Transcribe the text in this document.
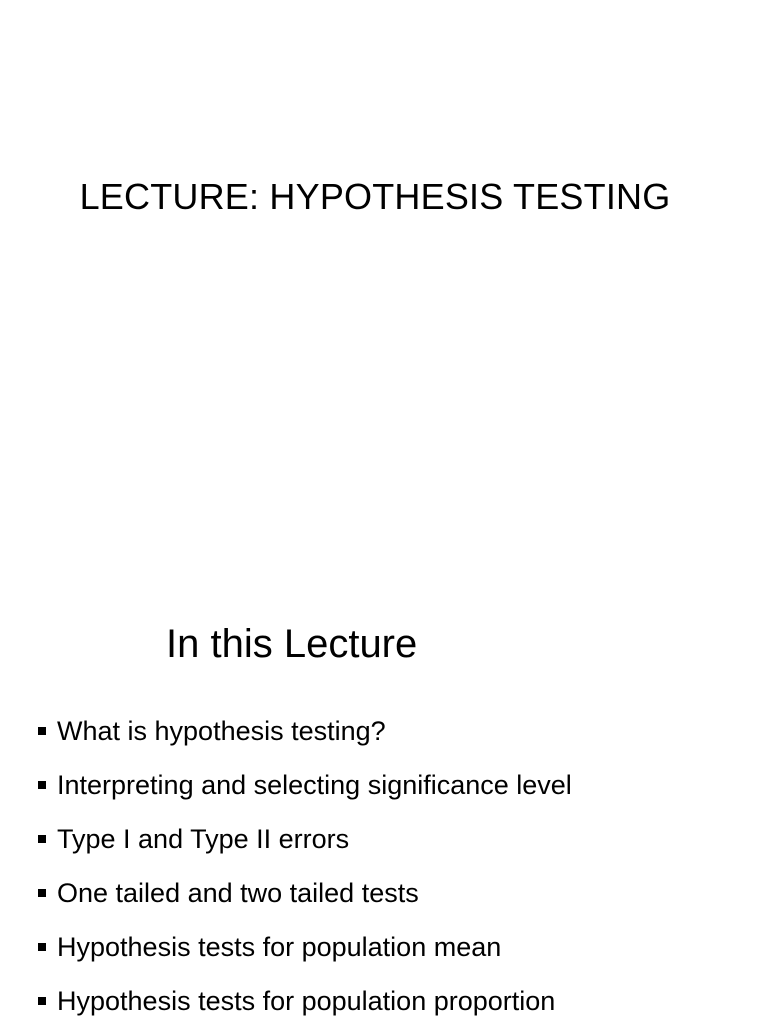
LECTURE: HYPOTHESIS TESTING
In this Lecture
What is hypothesis testing?
Interpreting and selecting significance level
Type I and Type II errors
One tailed and two tailed tests
Hypothesis tests for population mean
Hypothesis tests for population proportion
